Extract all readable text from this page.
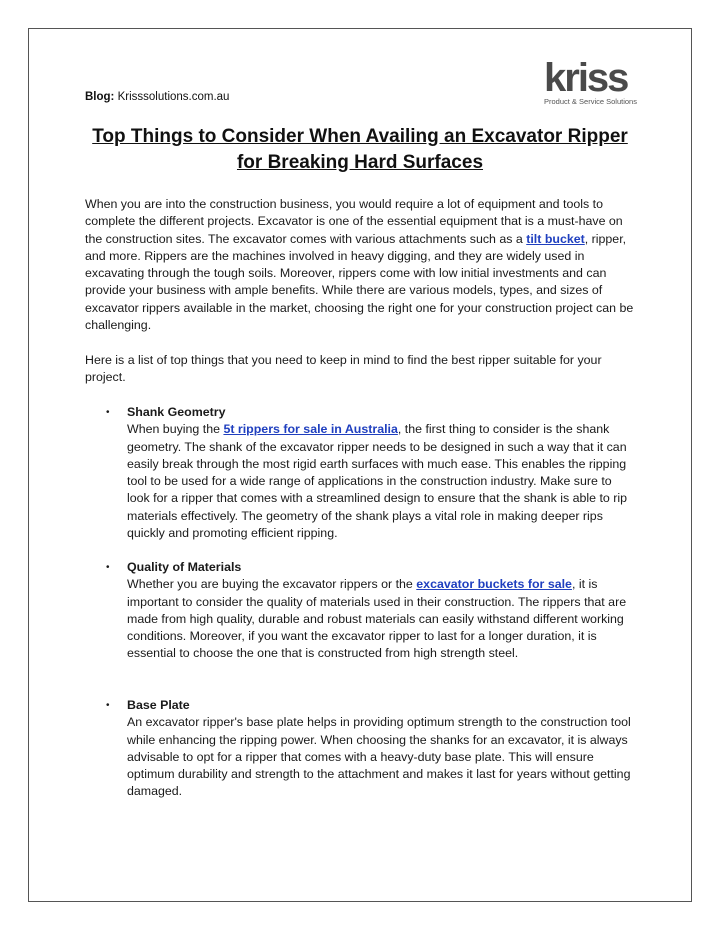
Blog: Krisssolutions.com.au	kriss
Product & Service Solutions
Top Things to Consider When Availing an Excavator Ripper for Breaking Hard Surfaces
When you are into the construction business, you would require a lot of equipment and tools to complete the different projects. Excavator is one of the essential equipment that is a must-have on the construction sites. The excavator comes with various attachments such as a tilt bucket, ripper, and more. Rippers are the machines involved in heavy digging, and they are widely used in excavating through the tough soils. Moreover, rippers come with low initial investments and can provide your business with ample benefits. While there are various models, types, and sizes of excavator rippers available in the market, choosing the right one for your construction project can be challenging.
Here is a list of top things that you need to keep in mind to find the best ripper suitable for your project.
• Shank Geometry
When buying the 5t rippers for sale in Australia, the first thing to consider is the shank geometry. The shank of the excavator ripper needs to be designed in such a way that it can easily break through the most rigid earth surfaces with much ease. This enables the ripping tool to be used for a wide range of applications in the construction industry. Make sure to look for a ripper that comes with a streamlined design to ensure that the shank is able to rip materials effectively. The geometry of the shank plays a vital role in making deeper rips quickly and promoting efficient ripping.
• Quality of Materials
Whether you are buying the excavator rippers or the excavator buckets for sale, it is important to consider the quality of materials used in their construction. The rippers that are made from high quality, durable and robust materials can easily withstand different working conditions. Moreover, if you want the excavator ripper to last for a longer duration, it is essential to choose the one that is constructed from high strength steel.
• Base Plate
An excavator ripper's base plate helps in providing optimum strength to the construction tool while enhancing the ripping power. When choosing the shanks for an excavator, it is always advisable to opt for a ripper that comes with a heavy-duty base plate. This will ensure optimum durability and strength to the attachment and makes it last for years without getting damaged.
